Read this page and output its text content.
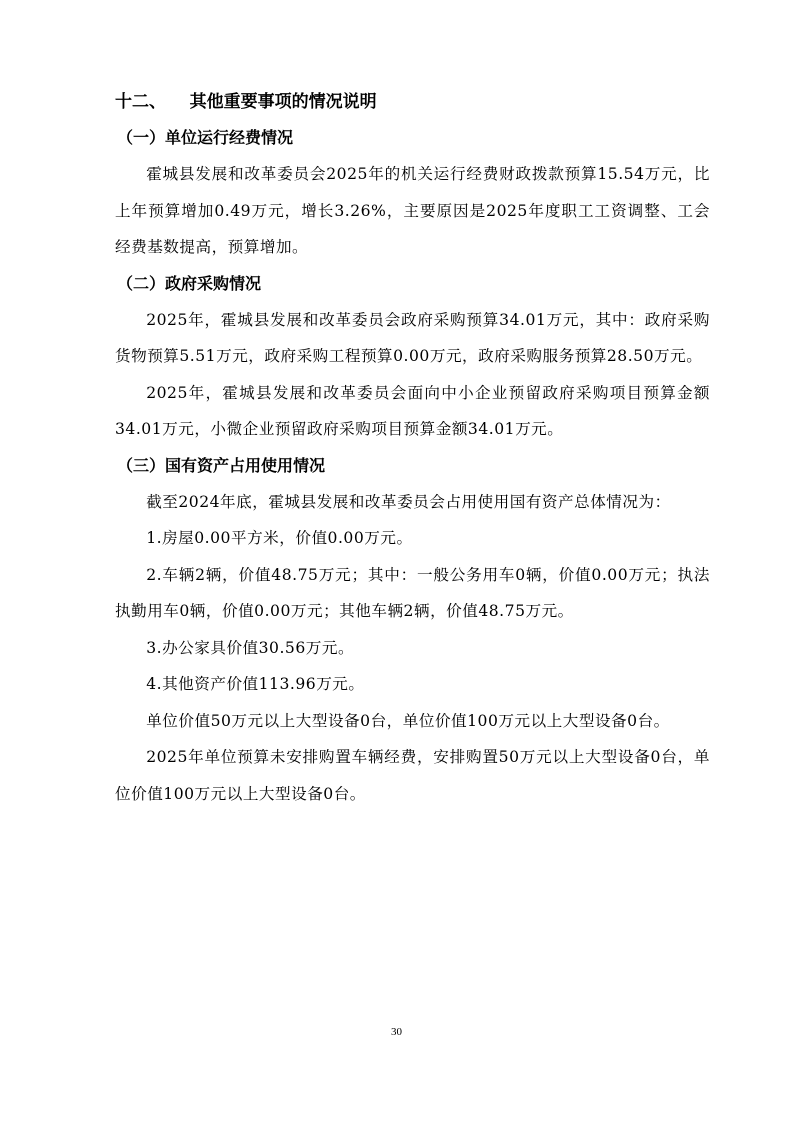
十二、    其他重要事项的情况说明
（一）单位运行经费情况
霍城县发展和改革委员会2025年的机关运行经费财政拨款预算15.54万元，比上年预算增加0.49万元，增长3.26%，主要原因是2025年度职工工资调整、工会经费基数提高，预算增加。
（二）政府采购情况
2025年，霍城县发展和改革委员会政府采购预算34.01万元，其中：政府采购货物预算5.51万元，政府采购工程预算0.00万元，政府采购服务预算28.50万元。
2025年，霍城县发展和改革委员会面向中小企业预留政府采购项目预算金额34.01万元，小微企业预留政府采购项目预算金额34.01万元。
（三）国有资产占用使用情况
截至2024年底，霍城县发展和改革委员会占用使用国有资产总体情况为：
1.房屋0.00平方米，价值0.00万元。
2.车辆2辆，价值48.75万元；其中：一般公务用车0辆，价值0.00万元；执法执勤用车0辆，价值0.00万元；其他车辆2辆，价值48.75万元。
3.办公家具价值30.56万元。
4.其他资产价值113.96万元。
单位价值50万元以上大型设备0台，单位价值100万元以上大型设备0台。
2025年单位预算未安排购置车辆经费，安排购置50万元以上大型设备0台，单位价值100万元以上大型设备0台。
30
